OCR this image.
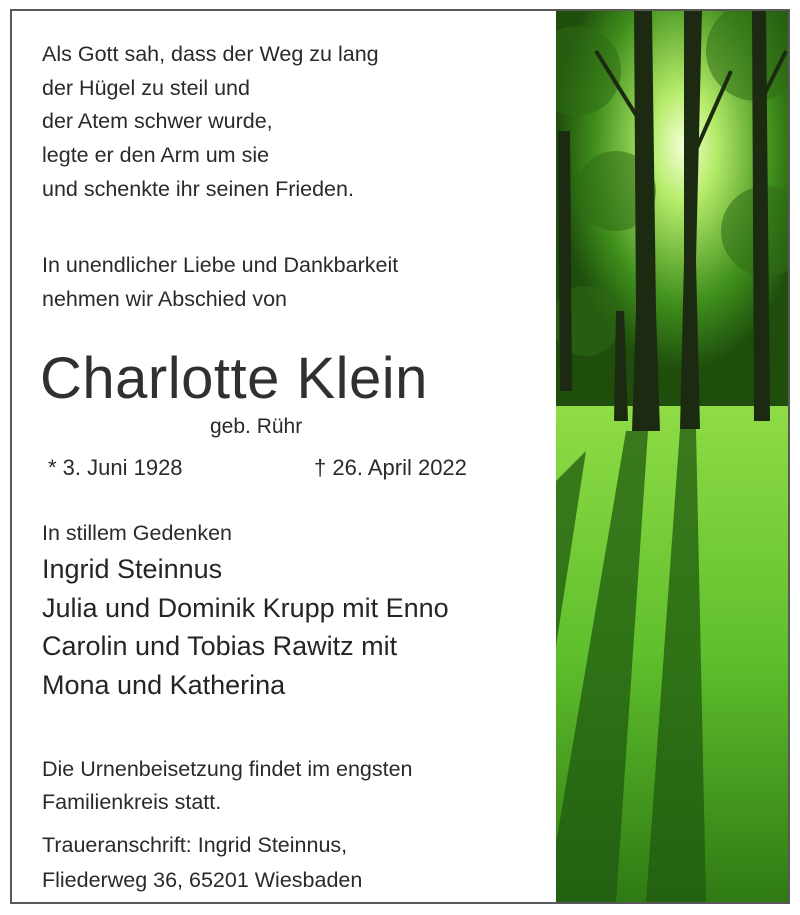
Als Gott sah, dass der Weg zu lang
der Hügel zu steil und
der Atem schwer wurde,
legte er den Arm um sie
und schenkte ihr seinen Frieden.
In unendlicher Liebe und Dankbarkeit
nehmen wir Abschied von
Charlotte Klein
geb. Rühr
* 3. Juni 1928	† 26. April 2022
In stillem Gedenken
Ingrid Steinnus
Julia und Dominik Krupp mit Enno
Carolin und Tobias Rawitz mit
Mona und Katherina
Die Urnenbeisetzung findet im engsten
Familienkreis statt.
Traueranschrift: Ingrid Steinnus,
Fliederweg 36, 65201 Wiesbaden
